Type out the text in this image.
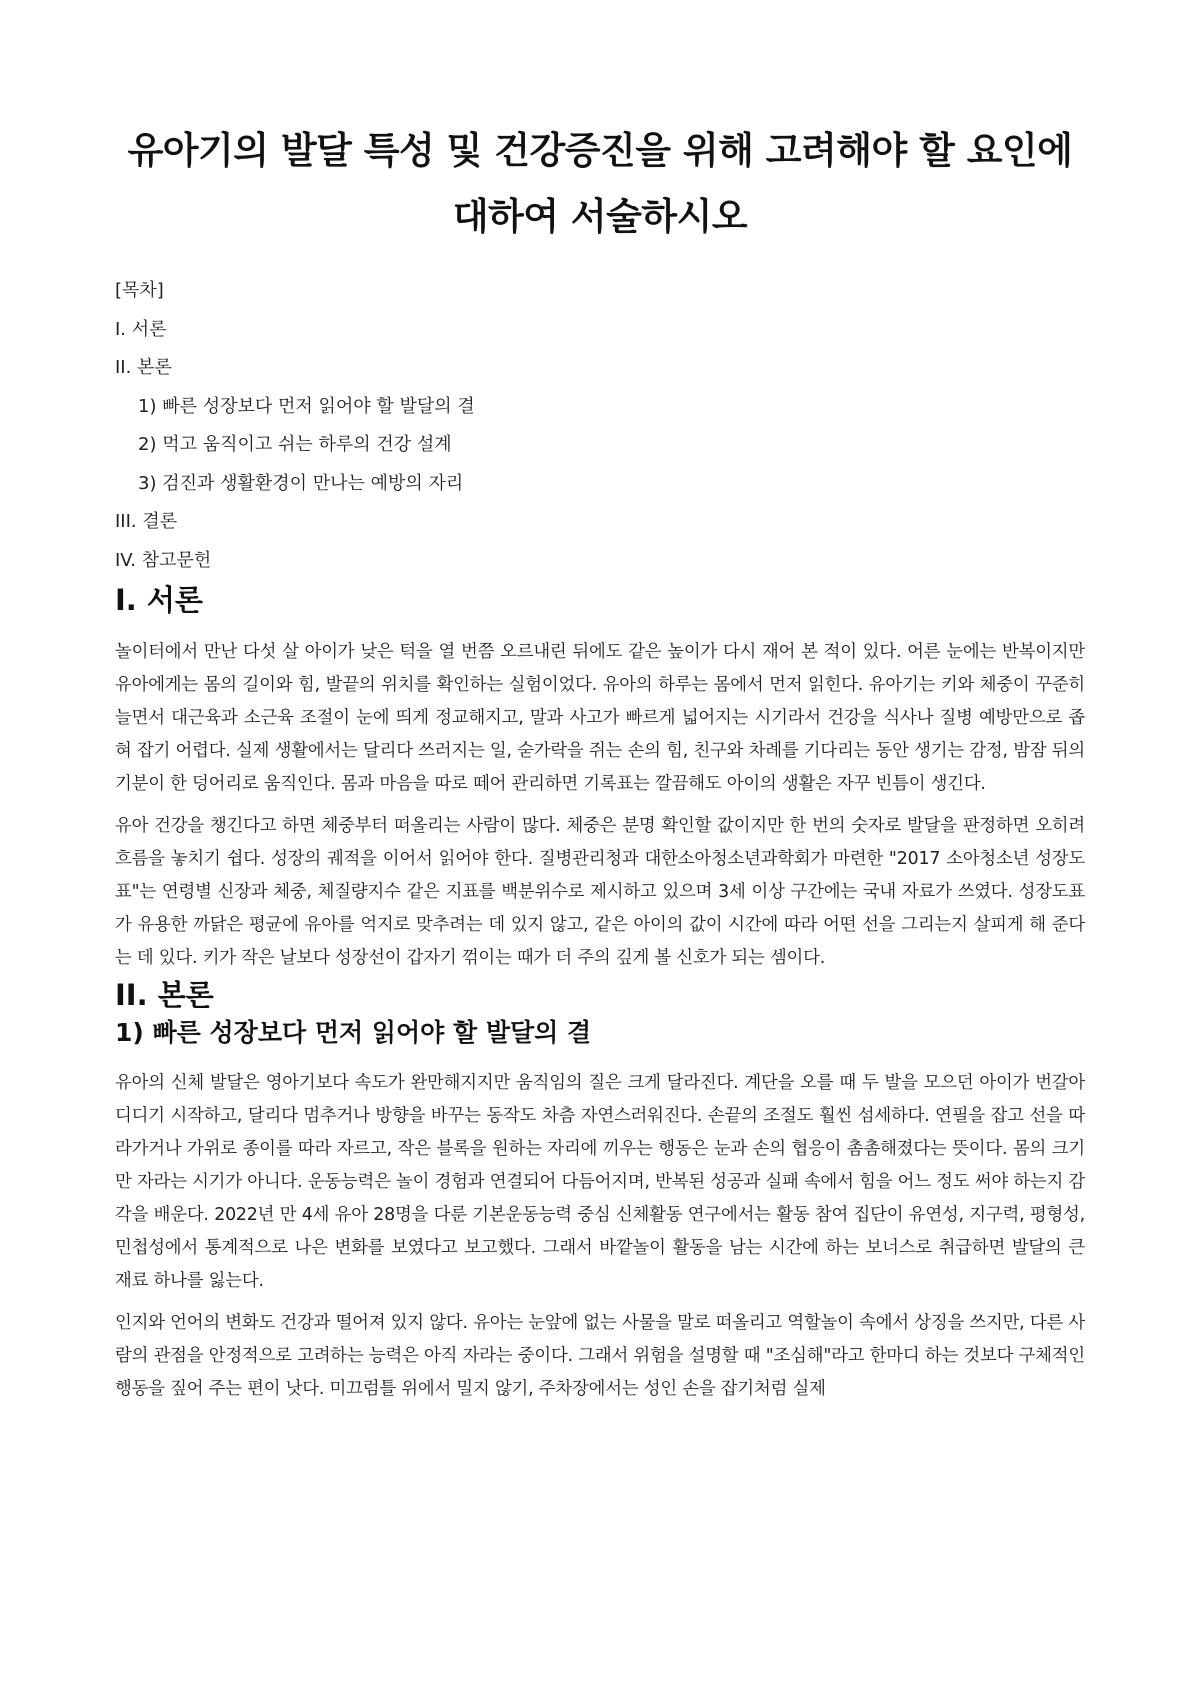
유아기의 발달 특성 및 건강증진을 위해 고려해야 할 요인에 대하여 서술하시오
[목차]
I. 서론
II. 본론
1) 빠른 성장보다 먼저 읽어야 할 발달의 결
2) 먹고 움직이고 쉬는 하루의 건강 설계
3) 검진과 생활환경이 만나는 예방의 자리
III. 결론
IV. 참고문헌
I. 서론

놀이터에서 만난 다섯 살 아이가 낮은 턱을 열 번쯤 오르내린 뒤에도 같은 높이가 다시 재어 본 적이 있다. 어른 눈에는 반복이지만 유아에게는 몸의 길이와 힘, 발끝의 위치를 확인하는 실험이었다. 유아의 하루는 몸에서 먼저 읽힌다. 유아기는 키와 체중이 꾸준히 늘면서 대근육과 소근육 조절이 눈에 띄게 정교해지고, 말과 사고가 빠르게 넓어지는 시기라서 건강을 식사나 질병 예방만으로 좁혀 잡기 어렵다. 실제 생활에서는 달리다 쓰러지는 일, 숟가락을 쥐는 손의 힘, 친구와 차례를 기다리는 동안 생기는 감정, 밤잠 뒤의 기분이 한 덩어리로 움직인다. 몸과 마음을 따로 떼어 관리하면 기록표는 깔끔해도 아이의 생활은 자꾸 빈틈이 생긴다.

유아 건강을 챙긴다고 하면 체중부터 떠올리는 사람이 많다. 체중은 분명 확인할 값이지만 한 번의 숫자로 발달을 판정하면 오히려 흐름을 놓치기 쉽다. 성장의 궤적을 이어서 읽어야 한다. 질병관리청과 대한소아청소년과학회가 마련한 "2017 소아청소년 성장도표"는 연령별 신장과 체중, 체질량지수 같은 지표를 백분위수로 제시하고 있으며 3세 이상 구간에는 국내 자료가 쓰였다. 성장도표가 유용한 까닭은 평균에 유아를 억지로 맞추려는 데 있지 않고, 같은 아이의 값이 시간에 따라 어떤 선을 그리는지 살피게 해 준다는 데 있다. 키가 작은 날보다 성장선이 갑자기 꺾이는 때가 더 주의 깊게 볼 신호가 되는 셈이다.

II. 본론
1) 빠른 성장보다 먼저 읽어야 할 발달의 결

유아의 신체 발달은 영아기보다 속도가 완만해지지만 움직임의 질은 크게 달라진다. 계단을 오를 때 두 발을 모으던 아이가 번갈아 디디기 시작하고, 달리다 멈추거나 방향을 바꾸는 동작도 차츰 자연스러워진다. 손끝의 조절도 훨씬 섬세하다. 연필을 잡고 선을 따라가거나 가위로 종이를 따라 자르고, 작은 블록을 원하는 자리에 끼우는 행동은 눈과 손의 협응이 촘촘해졌다는 뜻이다. 몸의 크기만 자라는 시기가 아니다. 운동능력은 놀이 경험과 연결되어 다듬어지며, 반복된 성공과 실패 속에서 힘을 어느 정도 써야 하는지 감각을 배운다. 2022년 만 4세 유아 28명을 다룬 기본운동능력 중심 신체활동 연구에서는 활동 참여 집단이 유연성, 지구력, 평형성, 민첩성에서 통계적으로 나은 변화를 보였다고 보고했다. 그래서 바깥놀이 활동을 남는 시간에 하는 보너스로 취급하면 발달의 큰 재료 하나를 잃는다.

인지와 언어의 변화도 건강과 떨어져 있지 않다. 유아는 눈앞에 없는 사물을 말로 떠올리고 역할놀이 속에서 상징을 쓰지만, 다른 사람의 관점을 안정적으로 고려하는 능력은 아직 자라는 중이다. 그래서 위험을 설명할 때 "조심해"라고 한마디 하는 것보다 구체적인 행동을 짚어 주는 편이 낫다. 미끄럼틀 위에서 밀지 않기, 주차장에서는 성인 손을 잡기처럼 실제
